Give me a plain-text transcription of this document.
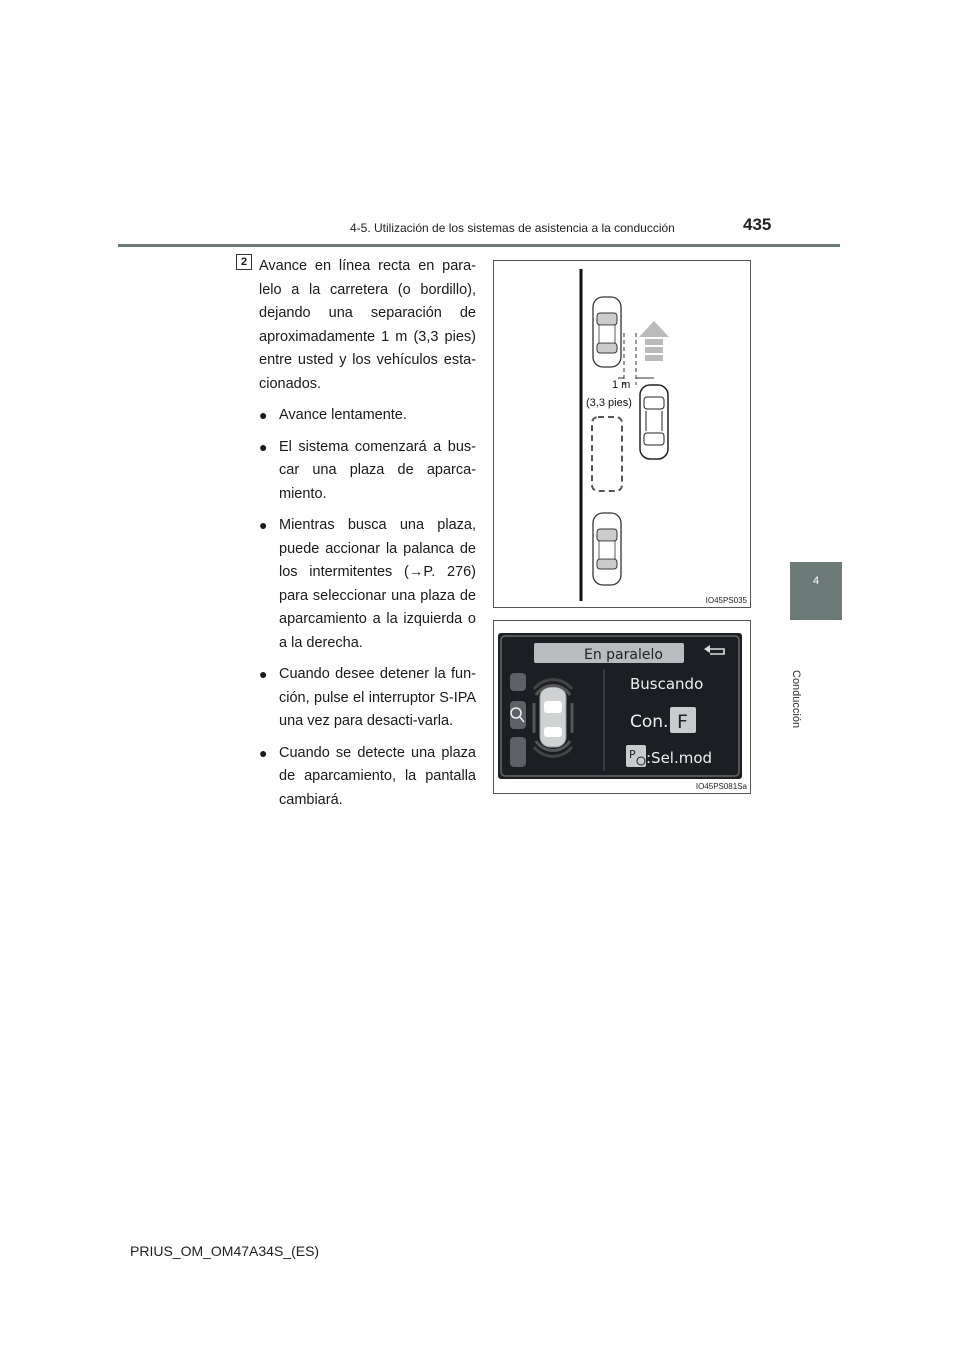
4-5. Utilización de los sistemas de asistencia a la conducción	435
4
Conducción
2 Avance en línea recta en para-lelo a la carretera (o bordillo), dejando una separación de aproximadamente 1 m (3,3 pies) entre usted y los vehículos esta-cionados.

● Avance lentamente.
● El sistema comenzará a bus-car una plaza de aparca-miento.
● Mientras busca una plaza, puede accionar la palanca de los intermitentes (→P. 276) para seleccionar una plaza de aparcamiento a la izquierda o a la derecha.
● Cuando desee detener la fun-ción, pulse el interruptor S-IPA una vez para desacti-varla.
● Cuando se detecte una plaza de aparcamiento, la pantalla cambiará.
1 m
(3,3 pies)
IO45PS035
En paralelo
Buscando
Con. F
P :Sel.mod
IO45PS081Sa
PRIUS_OM_OM47A34S_(ES)
